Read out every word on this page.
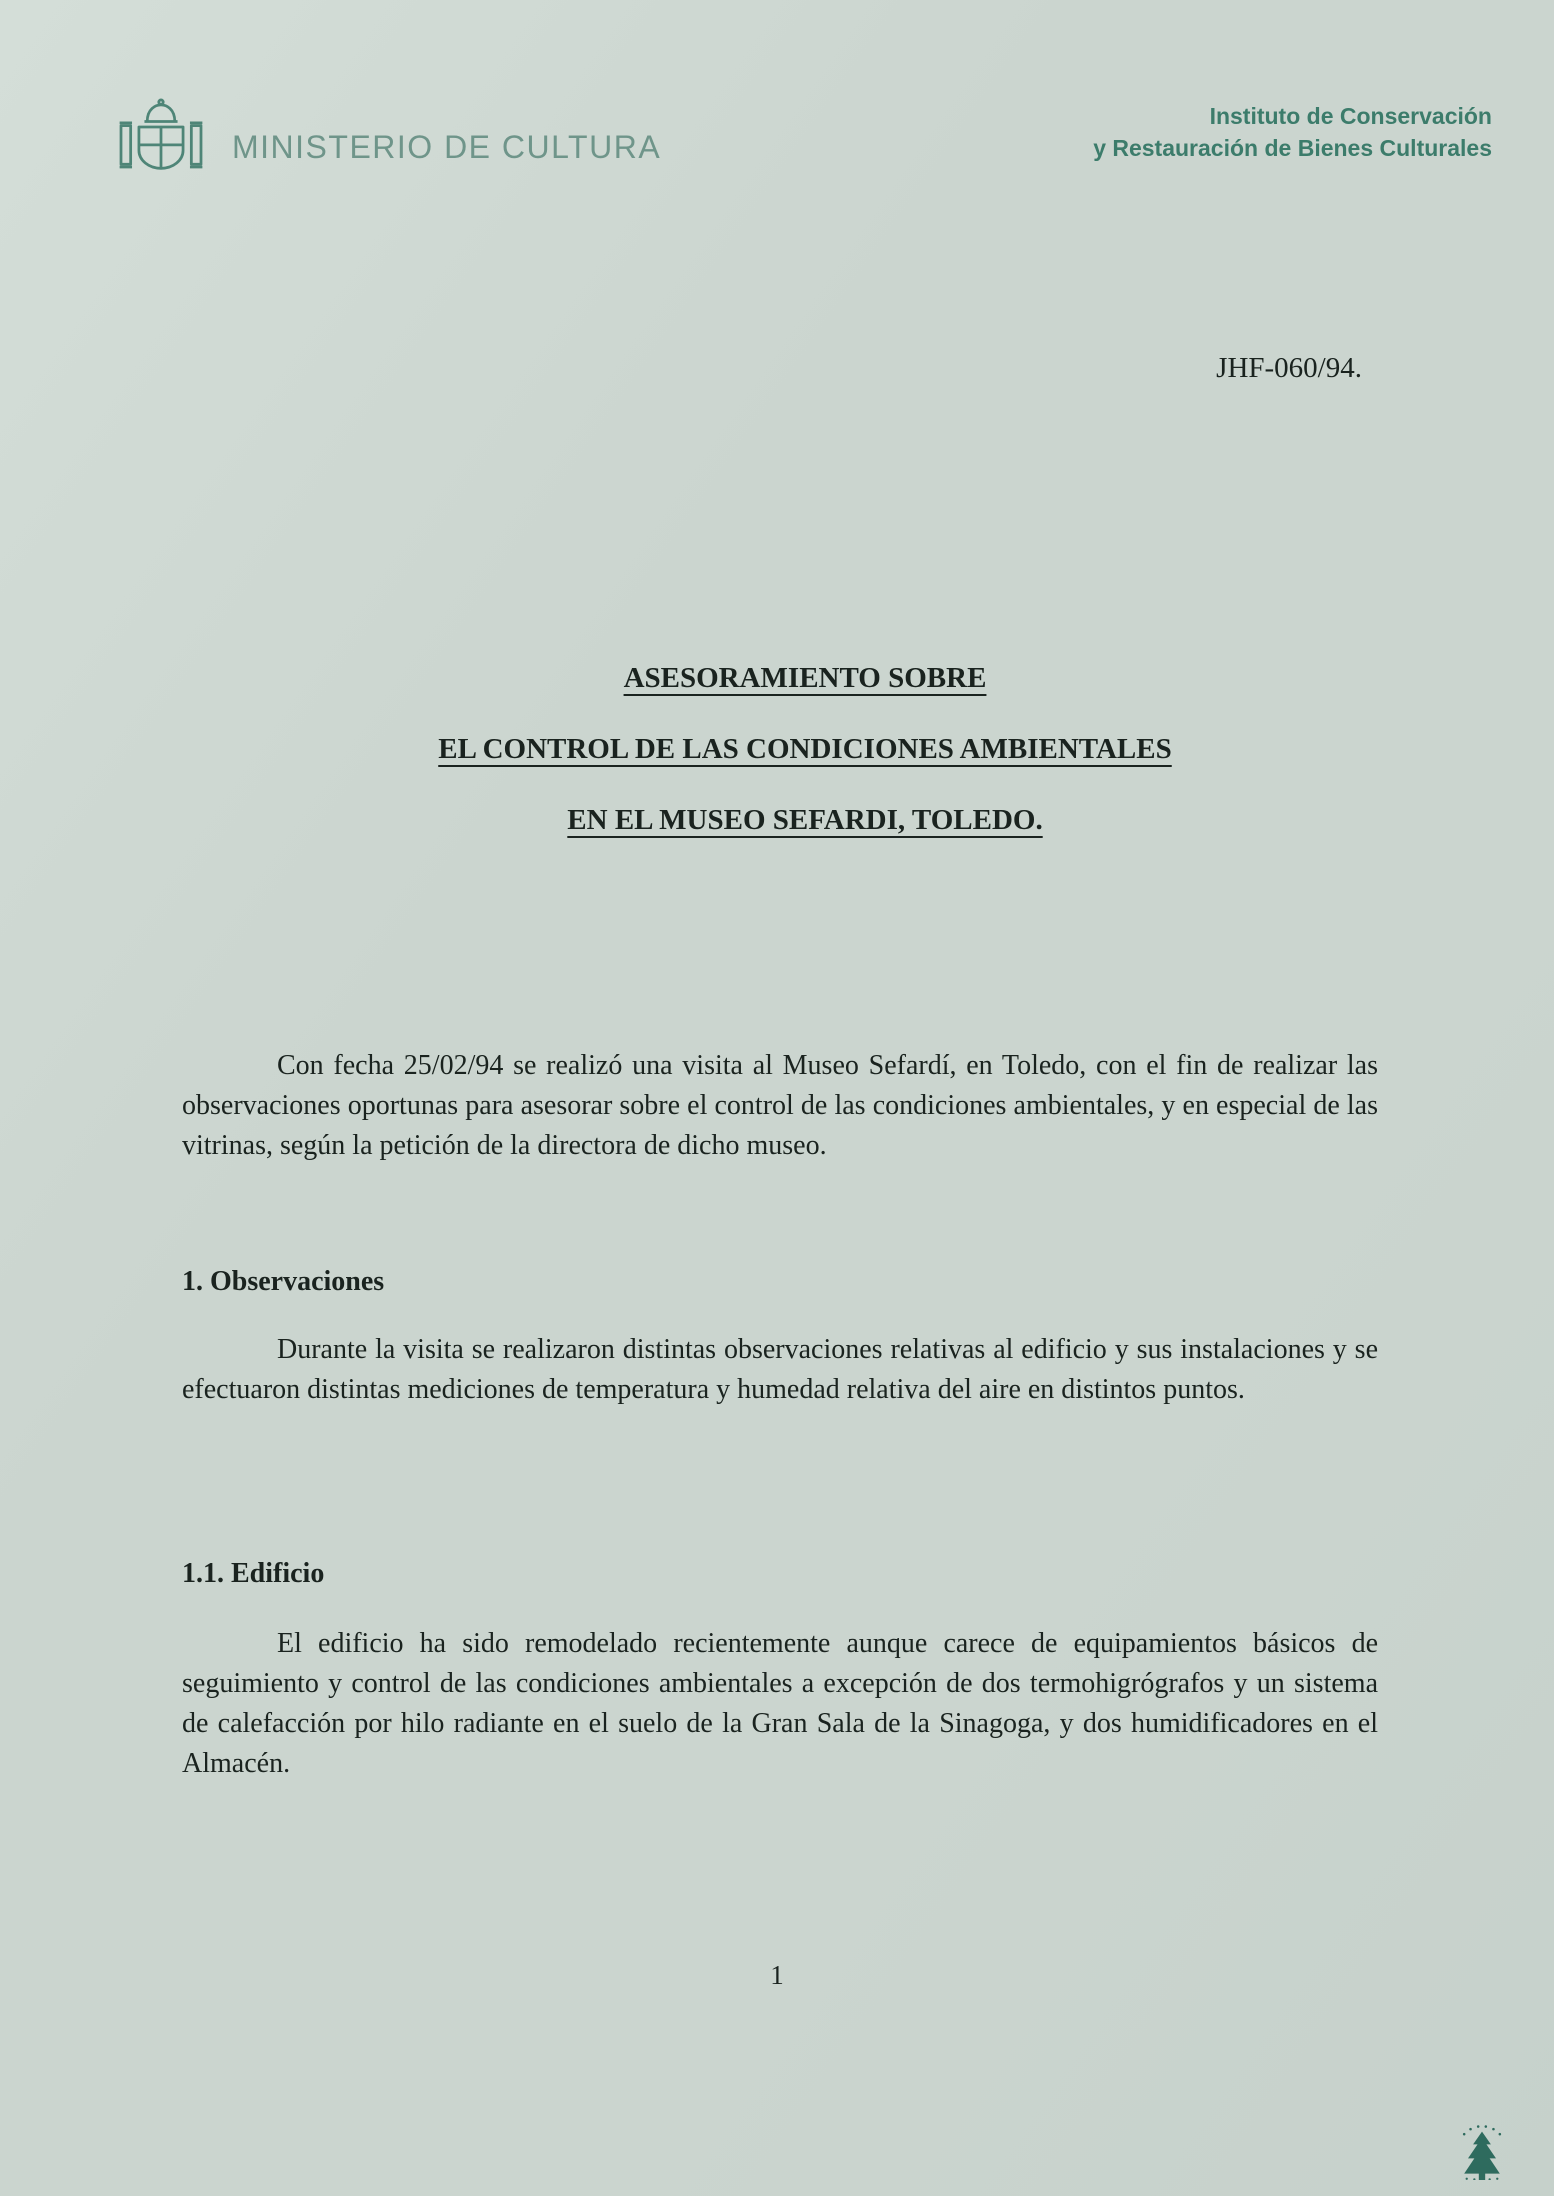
MINISTERIO DE CULTURA
Instituto de Conservación
y Restauración de Bienes Culturales
JHF-060/94.
ASESORAMIENTO SOBRE
EL CONTROL DE LAS CONDICIONES AMBIENTALES
EN EL MUSEO SEFARDI, TOLEDO.

Con fecha 25/02/94 se realizó una visita al Museo Sefardí, en Toledo, con el fin de realizar las observaciones oportunas para asesorar sobre el control de las condiciones ambientales, y en especial de las vitrinas, según la petición de la directora de dicho museo.

1. Observaciones

Durante la visita se realizaron distintas observaciones relativas al edificio y sus instalaciones y se efectuaron distintas mediciones de temperatura y humedad relativa del aire en distintos puntos.

1.1. Edificio

El edificio ha sido remodelado recientemente aunque carece de equipamientos básicos de seguimiento y control de las condiciones ambientales a excepción de dos termohigrógrafos y un sistema de calefacción por hilo radiante en el suelo de la Gran Sala de la Sinagoga, y dos humidificadores en el Almacén.

1
